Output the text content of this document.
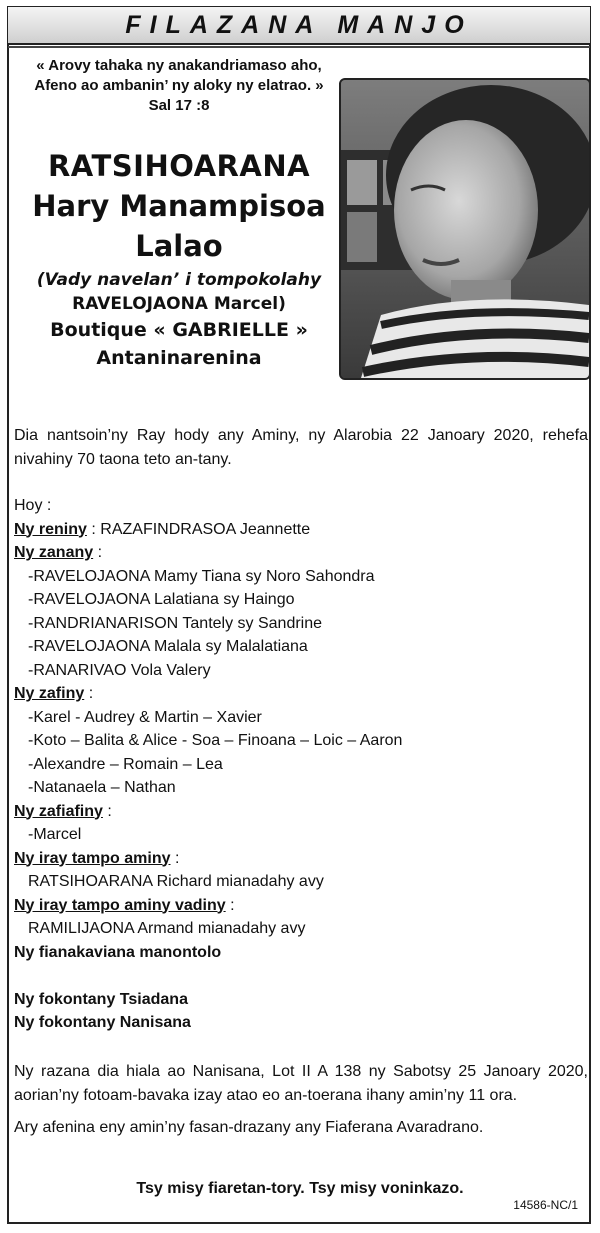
FILAZANA MANJO
« Arovy tahaka ny anakandriamaso aho,
Afeno ao ambanin’ ny aloky ny elatrao. »
Sal 17 :8
RATSIHOARANA
Hary Manampisoa
Lalao
(Vady navelan’ i tompokolahy
RAVELOJAONA Marcel)
Boutique « GABRIELLE »
Antaninarenina
Dia nantsoin’ny Ray hody any Aminy, ny Alarobia 22 Janoary 2020, rehefa nivahiny 70 taona teto an-tany.
Hoy :
Ny reniny : RAZAFINDRASOA Jeannette
Ny zanany :
-RAVELOJAONA Mamy Tiana sy Noro Sahondra
-RAVELOJAONA Lalatiana sy Haingo
-RANDRIANARISON Tantely sy Sandrine
-RAVELOJAONA Malala sy Malalatiana
-RANARIVAO Vola Valery
Ny zafiny :
-Karel - Audrey & Martin – Xavier
-Koto – Balita & Alice - Soa – Finoana – Loic – Aaron
-Alexandre – Romain – Lea
-Natanaela – Nathan
Ny zafiafiny :
-Marcel
Ny iray tampo aminy :
RATSIHOARANA Richard mianadahy avy
Ny iray tampo aminy vadiny :
RAMILIJAONA Armand mianadahy avy
Ny fianakaviana manontolo
Ny fokontany Tsiadana
Ny fokontany Nanisana
Ny razana dia hiala ao Nanisana, Lot II A 138 ny Sabotsy 25 Janoary 2020, aorian’ny fotoam-bavaka izay atao eo an-toerana ihany amin’ny 11 ora.
Ary afenina eny amin’ny fasan-drazany any Fiaferana Avaradrano.
Tsy misy fiaretan-tory. Tsy misy voninkazo.
14586-NC/1
